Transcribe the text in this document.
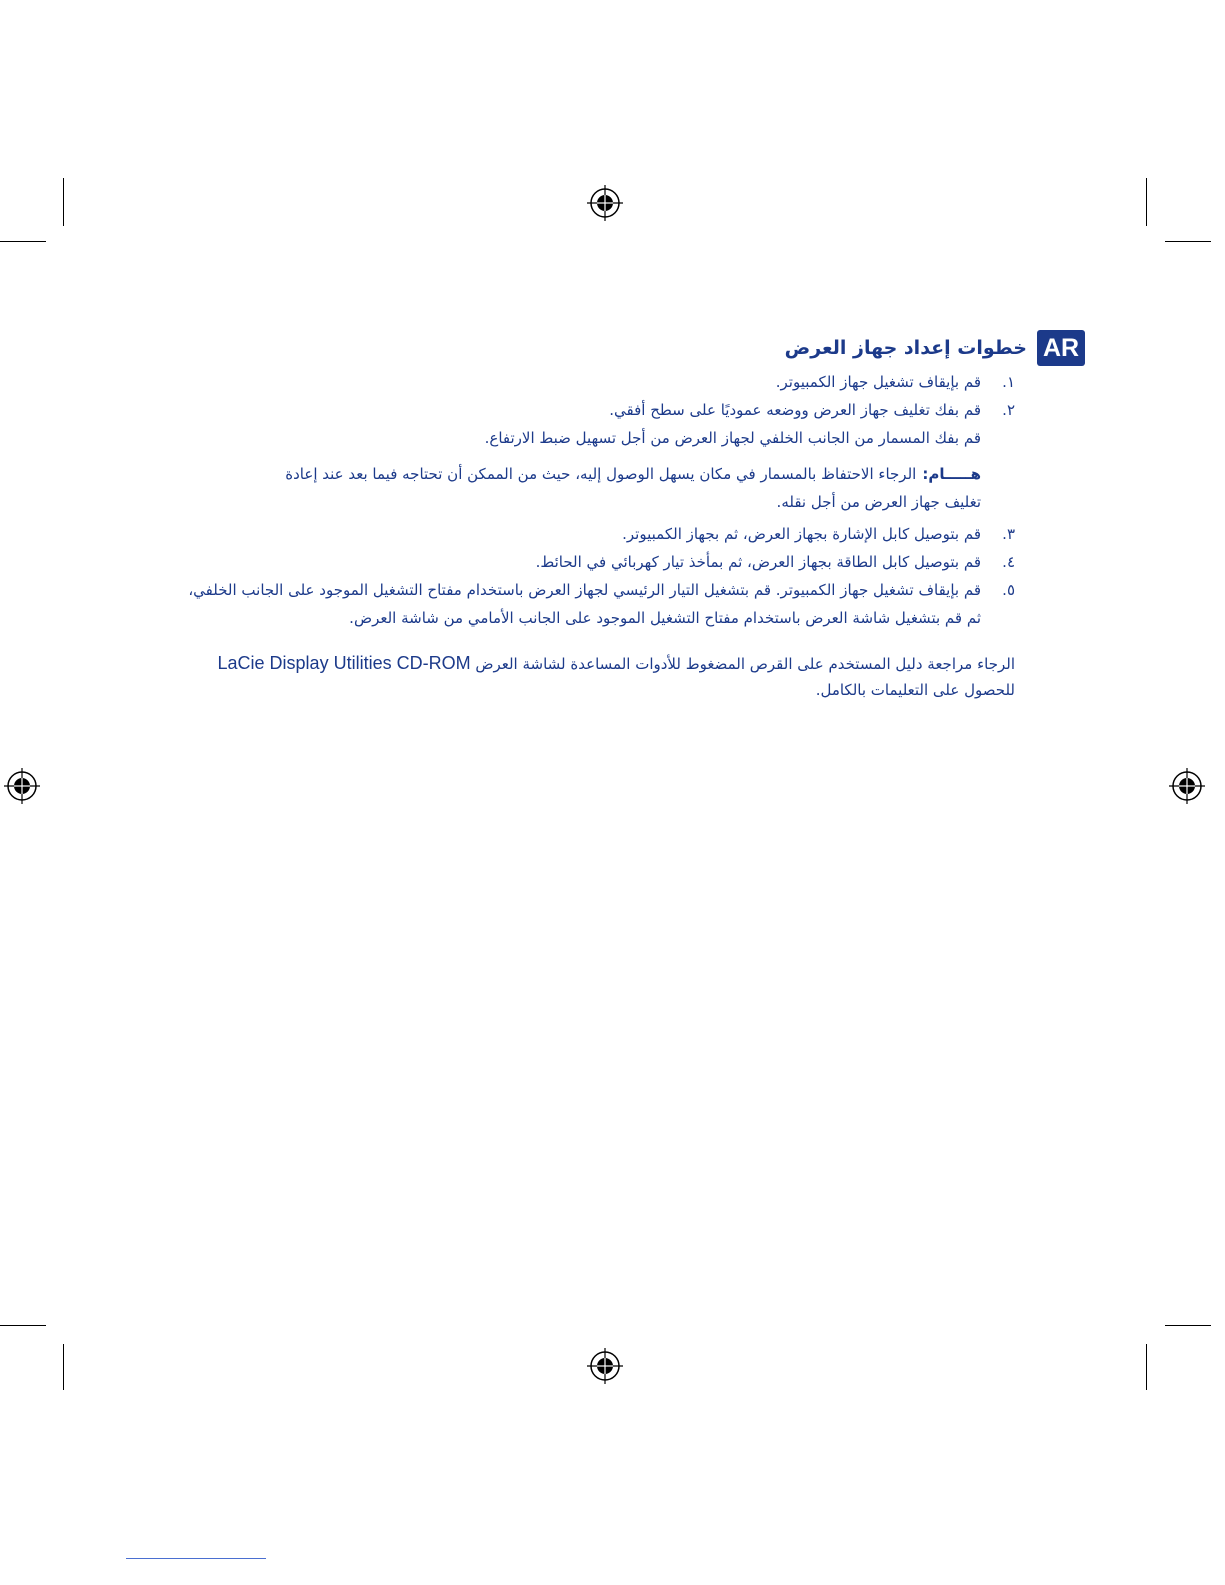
خطوات إعداد جهاز العرض AR
١.
قم بإيقاف تشغيل جهاز الكمبيوتر.
٢.
قم بفك تغليف جهاز العرض ووضعه عموديًا على سطح أفقي.
قم بفك المسمار من الجانب الخلفي لجهاز العرض من أجل تسهيل ضبط الارتفاع.
هـــــام:الرجاء الاحتفاظ بالمسمار في مكان يسهل الوصول إليه، حيث من الممكن أن تحتاجه فيما بعد عند إعادة
تغليف جهاز العرض من أجل نقله.
٣.
قم بتوصيل كابل الإشارة بجهاز العرض، ثم بجهاز الكمبيوتر.
٤.
قم بتوصيل كابل الطاقة بجهاز العرض، ثم بمأخذ تيار كهربائي في الحائط.
٥.
قم بإيقاف تشغيل جهاز الكمبيوتر. قم بتشغيل التيار الرئيسي لجهاز العرض باستخدام مفتاح التشغيل الموجود على الجانب الخلفي،
ثم قم بتشغيل شاشة العرض باستخدام مفتاح التشغيل الموجود على الجانب الأمامي من شاشة العرض.
الرجاء مراجعة دليل المستخدم على القرص المضغوط للأدوات المساعدة لشاشة العرض LaCie Display Utilities CD-ROM
للحصول على التعليمات بالكامل.
